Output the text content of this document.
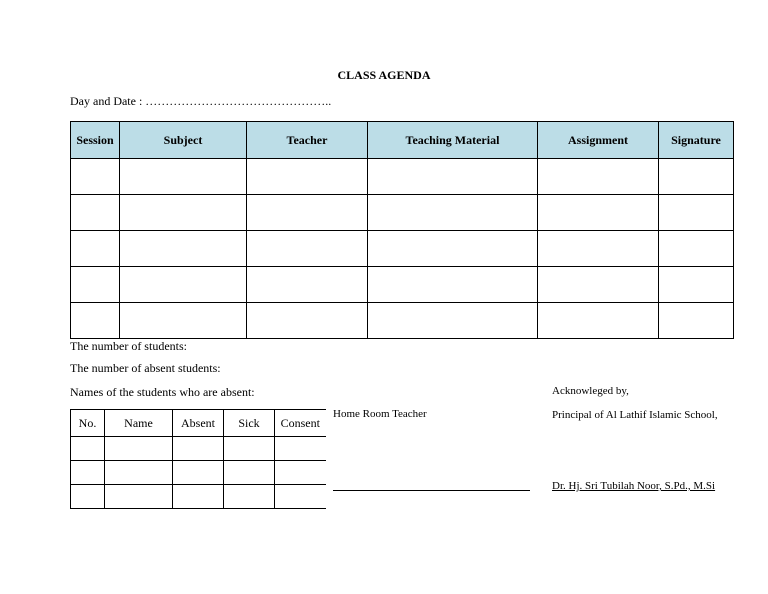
CLASS AGENDA
Day and Date : ………………………………………..
Session	Subject	Teacher	Teaching Material	Assignment	Signature

The number of students:
The number of absent students:
Names of the students who are absent:
No.	Name	Absent	Sick	Consent

Home Room Teacher
Acknowleged by,
Principal of Al Lathif Islamic School,
Dr. Hj. Sri Tubilah Noor, S.Pd., M.Si
